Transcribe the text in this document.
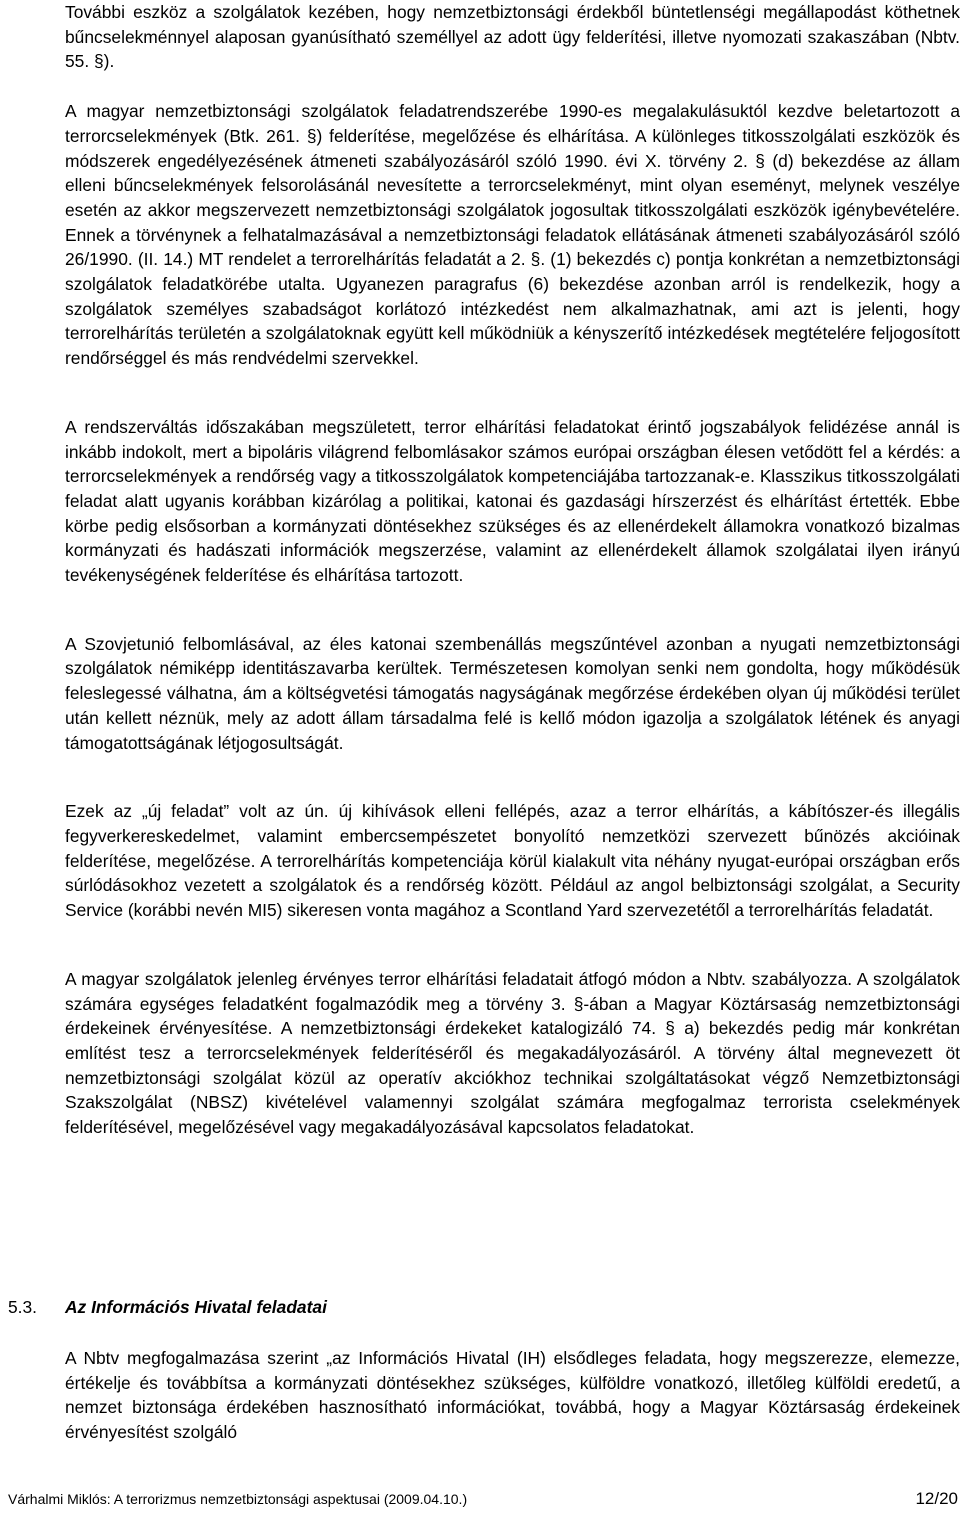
További eszköz a szolgálatok kezében, hogy nemzetbiztonsági érdekből büntetlenségi megállapodást köthetnek bűncselekménnyel alaposan gyanúsítható személlyel az adott ügy felderítési, illetve nyomozati szakaszában (Nbtv. 55. §).

A magyar nemzetbiztonsági szolgálatok feladatrendszerébe 1990-es megalakulásuktól kezdve beletartozott a terrorcselekmények (Btk. 261. §) felderítése, megelőzése és elhárítása. A különleges titkosszolgálati eszközök és módszerek engedélyezésének átmeneti szabályozásáról szóló 1990. évi X. törvény 2. § (d) bekezdése az állam elleni bűncselekmények felsorolásánál nevesítette a terrorcselekményt, mint olyan eseményt, melynek veszélye esetén az akkor megszervezett nemzetbiztonsági szolgálatok jogosultak titkosszolgálati eszközök igénybevételére. Ennek a törvénynek a felhatalmazásával a nemzetbiztonsági feladatok ellátásának átmeneti szabályozásáról szóló 26/1990. (II. 14.) MT rendelet a terrorelhárítás feladatát a 2. §. (1) bekezdés c) pontja konkrétan a nemzetbiztonsági szolgálatok feladatkörébe utalta. Ugyanezen paragrafus (6) bekezdése azonban arról is rendelkezik, hogy a szolgálatok személyes szabadságot korlátozó intézkedést nem alkalmazhatnak, ami azt is jelenti, hogy terrorelhárítás területén a szolgálatoknak együtt kell működniük a kényszerítő intézkedések megtételére feljogosított rendőrséggel és más rendvédelmi szervekkel.

A rendszerváltás időszakában megszületett, terror elhárítási feladatokat érintő jogszabályok felidézése annál is inkább indokolt, mert a bipoláris világrend felbomlásakor számos európai országban élesen vetődött fel a kérdés: a terrorcselekmények a rendőrség vagy a titkosszolgálatok kompetenciájába tartozzanak-e. Klasszikus titkosszolgálati feladat alatt ugyanis korábban kizárólag a politikai, katonai és gazdasági hírszerzést és elhárítást értették. Ebbe körbe pedig elsősorban a kormányzati döntésekhez szükséges és az ellenérdekelt államokra vonatkozó bizalmas kormányzati és hadászati információk megszerzése, valamint az ellenérdekelt államok szolgálatai ilyen irányú tevékenységének felderítése és elhárítása tartozott.

A Szovjetunió felbomlásával, az éles katonai szembenállás megszűntével azonban a nyugati nemzetbiztonsági szolgálatok némiképp identitászavarba kerültek. Természetesen komolyan senki nem gondolta, hogy működésük feleslegessé válhatna, ám a költségvetési támogatás nagyságának megőrzése érdekében olyan új működési terület után kellett néznük, mely az adott állam társadalma felé is kellő módon igazolja a szolgálatok létének és anyagi támogatottságának létjogosultságát.

Ezek az „új feladat” volt az ún. új kihívások elleni fellépés, azaz a terror elhárítás, a kábítószer-és illegális fegyverkereskedelmet, valamint embercsempészetet bonyolító nemzetközi szervezett bűnözés akcióinak felderítése, megelőzése. A terrorelhárítás kompetenciája körül kialakult vita néhány nyugat-európai országban erős súrlódásokhoz vezetett a szolgálatok és a rendőrség között. Például az angol belbiztonsági szolgálat, a Security Service (korábbi nevén MI5) sikeresen vonta magához a Scontland Yard szervezetétől a terrorelhárítás feladatát.

A magyar szolgálatok jelenleg érvényes terror elhárítási feladatait átfogó módon a Nbtv. szabályozza. A szolgálatok számára egységes feladatként fogalmazódik meg a törvény 3. §-ában a Magyar Köztársaság nemzetbiztonsági érdekeinek érvényesítése. A nemzetbiztonsági érdekeket katalogizáló 74. § a) bekezdés pedig már konkrétan említést tesz a terrorcselekmények felderítéséről és megakadályozásáról. A törvény által megnevezett öt nemzetbiztonsági szolgálat közül az operatív akciókhoz technikai szolgáltatásokat végző Nemzetbiztonsági Szakszolgálat (NBSZ) kivételével valamennyi szolgálat számára megfogalmaz terrorista cselekmények felderítésével, megelőzésével vagy megakadályozásával kapcsolatos feladatokat.

5.3. Az Információs Hivatal feladatai

A Nbtv megfogalmazása szerint „az Információs Hivatal (IH) elsődleges feladata, hogy megszerezze, elemezze, értékelje és továbbítsa a kormányzati döntésekhez szükséges, külföldre vonatkozó, illetőleg külföldi eredetű, a nemzet biztonsága érdekében hasznosítható információkat, továbbá, hogy a Magyar Köztársaság érdekeinek érvényesítést szolgáló

Várhalmi Miklós: A terrorizmus nemzetbiztonsági aspektusai (2009.04.10.)	12/20
